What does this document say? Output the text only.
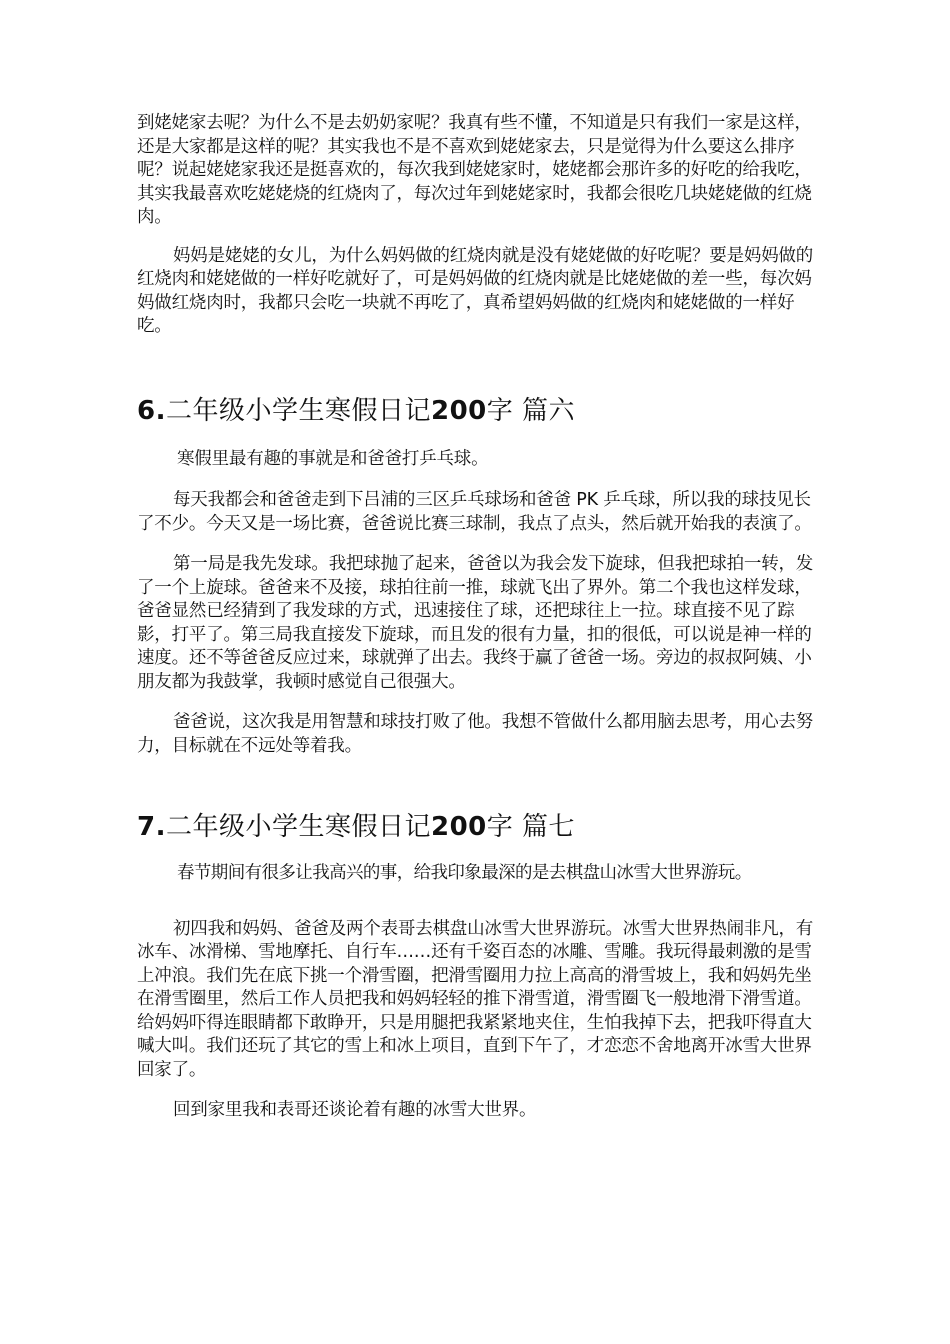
到姥姥家去呢？为什么不是去奶奶家呢？我真有些不懂，不知道是只有我们一家是这样，还是大家都是这样的呢？其实我也不是不喜欢到姥姥家去，只是觉得为什么要这么排序呢？说起姥姥家我还是挺喜欢的，每次我到姥姥家时，姥姥都会那许多的好吃的给我吃，其实我最喜欢吃姥姥烧的红烧肉了，每次过年到姥姥家时，我都会很吃几块姥姥做的红烧肉。

妈妈是姥姥的女儿，为什么妈妈做的红烧肉就是没有姥姥做的好吃呢？要是妈妈做的红烧肉和姥姥做的一样好吃就好了，可是妈妈做的红烧肉就是比姥姥做的差一些，每次妈妈做红烧肉时，我都只会吃一块就不再吃了，真希望妈妈做的红烧肉和姥姥做的一样好吃。

6.二年级小学生寒假日记200字 篇六

寒假里最有趣的事就是和爸爸打乒乓球。

每天我都会和爸爸走到下吕浦的三区乒乓球场和爸爸 PK 乒乓球，所以我的球技见长了不少。今天又是一场比赛，爸爸说比赛三球制，我点了点头，然后就开始我的表演了。

第一局是我先发球。我把球抛了起来，爸爸以为我会发下旋球，但我把球拍一转，发了一个上旋球。爸爸来不及接，球拍往前一推，球就飞出了界外。第二个我也这样发球，爸爸显然已经猜到了我发球的方式，迅速接住了球，还把球往上一拉。球直接不见了踪影，打平了。第三局我直接发下旋球，而且发的很有力量，扣的很低，可以说是神一样的速度。还不等爸爸反应过来，球就弹了出去。我终于赢了爸爸一场。旁边的叔叔阿姨、小朋友都为我鼓掌，我顿时感觉自己很强大。

爸爸说，这次我是用智慧和球技打败了他。我想不管做什么都用脑去思考，用心去努力，目标就在不远处等着我。

7.二年级小学生寒假日记200字 篇七

春节期间有很多让我高兴的事，给我印象最深的是去棋盘山冰雪大世界游玩。

初四我和妈妈、爸爸及两个表哥去棋盘山冰雪大世界游玩。冰雪大世界热闹非凡，有冰车、冰滑梯、雪地摩托、自行车……还有千姿百态的冰雕、雪雕。我玩得最刺激的是雪上冲浪。我们先在底下挑一个滑雪圈，把滑雪圈用力拉上高高的滑雪坡上，我和妈妈先坐在滑雪圈里，然后工作人员把我和妈妈轻轻的推下滑雪道，滑雪圈飞一般地滑下滑雪道。给妈妈吓得连眼睛都下敢睁开，只是用腿把我紧紧地夹住，生怕我掉下去，把我吓得直大喊大叫。我们还玩了其它的雪上和冰上项目，直到下午了，才恋恋不舍地离开冰雪大世界回家了。

回到家里我和表哥还谈论着有趣的冰雪大世界。
